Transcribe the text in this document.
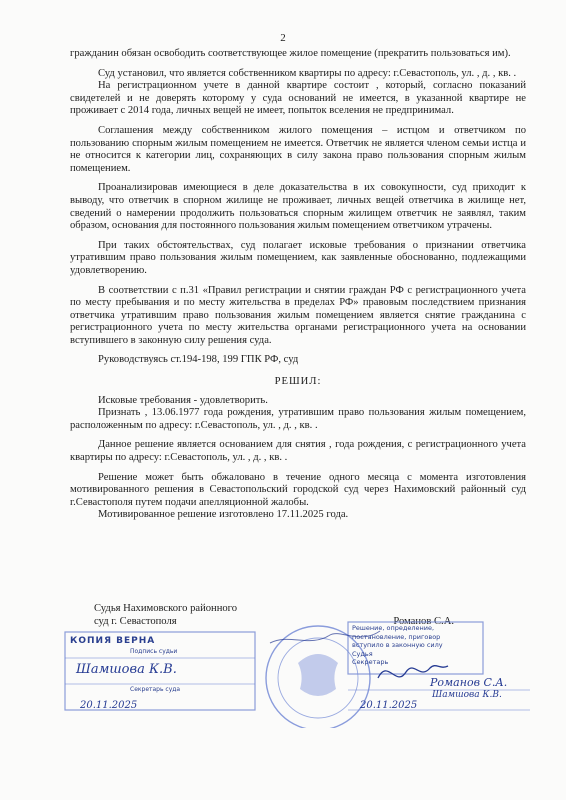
2

гражданин обязан освободить соответствующее жилое помещение (прекратить пользоваться им).

Суд установил, что является собственником квартиры по адресу: г.Севастополь, ул. , д. , кв. .

На регистрационном учете в данной квартире состоит , который, согласно показаний свидетелей и не доверять которому у суда оснований не имеется, в указанной квартире не проживает с 2014 года, личных вещей не имеет, попыток вселения не предпринимал.

Соглашения между собственником жилого помещения – истцом и ответчиком по пользованию спорным жилым помещением не имеется. Ответчик не является членом семьи истца и не относится к категории лиц, сохраняющих в силу закона право пользования спорным жилым помещением.

Проанализировав имеющиеся в деле доказательства в их совокупности, суд приходит к выводу, что ответчик в спорном жилище не проживает, личных вещей ответчика в жилище нет, сведений о намерении продолжить пользоваться спорным жилищем ответчик не заявлял, таким образом, основания для постоянного пользования жилым помещением ответчиком утрачены.

При таких обстоятельствах, суд полагает исковые требования о признании ответчика утратившим право пользования жилым помещением, как заявленные обоснованно, подлежащими удовлетворению.

В соответствии с п.31 «Правил регистрации и снятии граждан РФ с регистрационного учета по месту пребывания и по месту жительства в пределах РФ» правовым последствием признания ответчика утратившим право пользования жилым помещением является снятие гражданина с регистрационного учета по месту жительства органами регистрационного учета на основании вступившего в законную силу решения суда.

Руководствуясь ст.194-198, 199 ГПК РФ, суд

РЕШИЛ:

Исковые требования - удовлетворить.

Признать , 13.06.1977 года рождения, утратившим право пользования жилым помещением, расположенным по адресу: г.Севастополь, ул. , д. , кв. .

Данное решение является основанием для снятия , года рождения, с регистрационного учета квартиры по адресу: г.Севастополь, ул. , д. , кв. .

Решение может быть обжаловано в течение одного месяца с момента изготовления мотивированного решения в Севастопольский городской суд через Нахимовский районный суд г.Севастополя путем подачи апелляционной жалобы.

Мотивированное решение изготовлено 17.11.2025 года.

Судья Нахимовского районного
суд г. Севастополя	Романов С.А.
КОПИЯ ВЕРНА
Подпись судьи
Секретарь суда
Шамшова К.В.
20.11.2025
Решение, определение,
постановление, приговор
вступило в законную силу
Судья
Секретарь
Романов С.А.
Шамшова К.В.
20.11.2025
